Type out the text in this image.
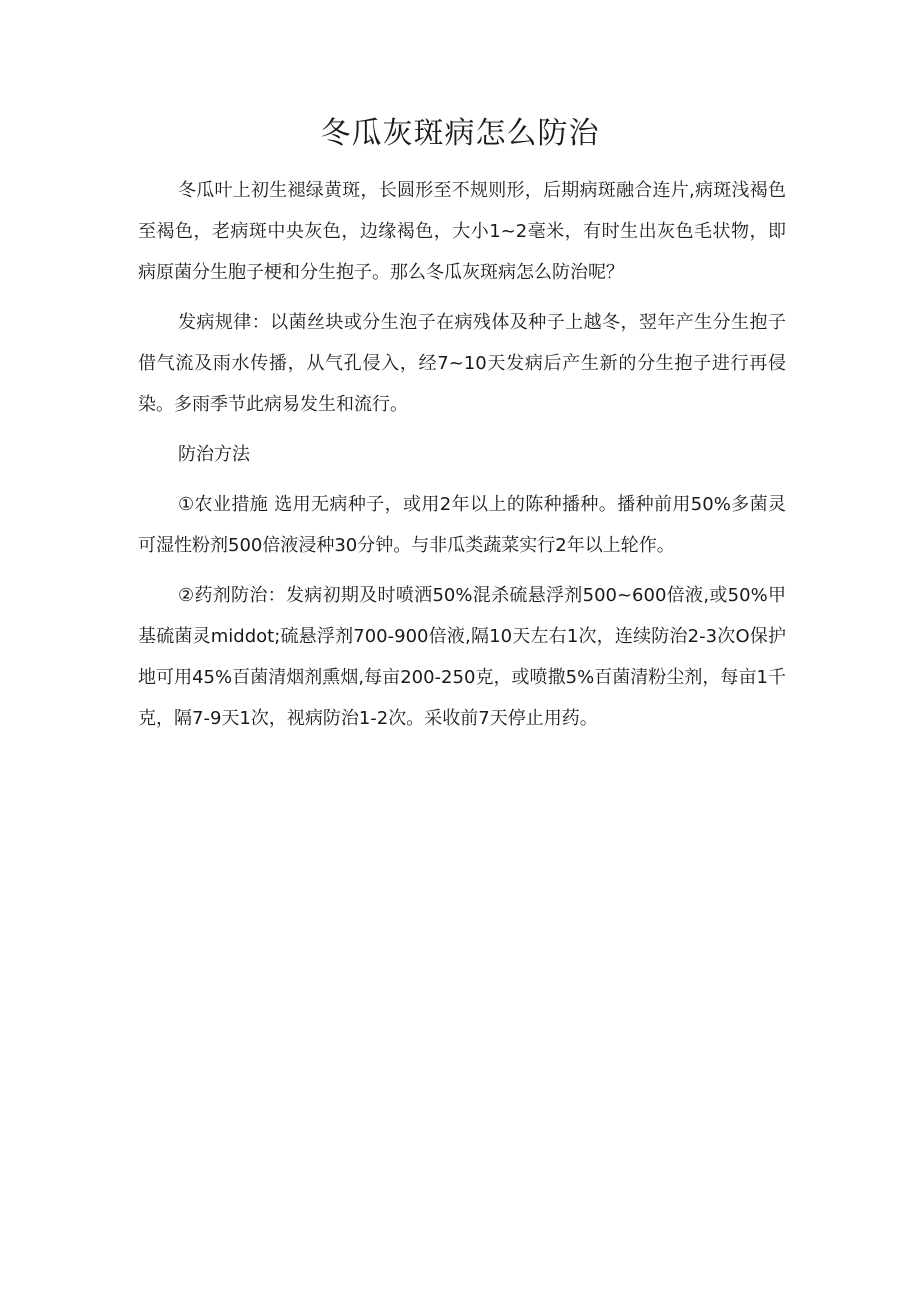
冬瓜灰斑病怎么防治

冬瓜叶上初生褪绿黄斑，长圆形至不规则形，后期病斑融合连片,病斑浅褐色至褐色，老病斑中央灰色，边缘褐色，大小1~2毫米，有时生出灰色毛状物，即病原菌分生胞子梗和分生抱子。那么冬瓜灰斑病怎么防治呢？

发病规律：以菌丝块或分生泡子在病残体及种子上越冬，翌年产生分生抱子借气流及雨水传播，从气孔侵入，经7~10天发病后产生新的分生抱子进行再侵染。多雨季节此病易发生和流行。

防治方法

①农业措施 选用无病种子，或用2年以上的陈种播种。播种前用50%多菌灵可湿性粉剂500倍液浸种30分钟。与非瓜类蔬菜实行2年以上轮作。

②药剂防治：发病初期及时喷洒50%混杀硫悬浮剂500~600倍液,或50%甲基硫菌灵middot;硫悬浮剂700-900倍液,隔10天左右1次，连续防治2-3次O保护地可用45%百菌清烟剂熏烟,每亩200-250克，或喷撒5%百菌清粉尘剂，每亩1千克，隔7-9天1次，视病防治1-2次。采收前7天停止用药。
